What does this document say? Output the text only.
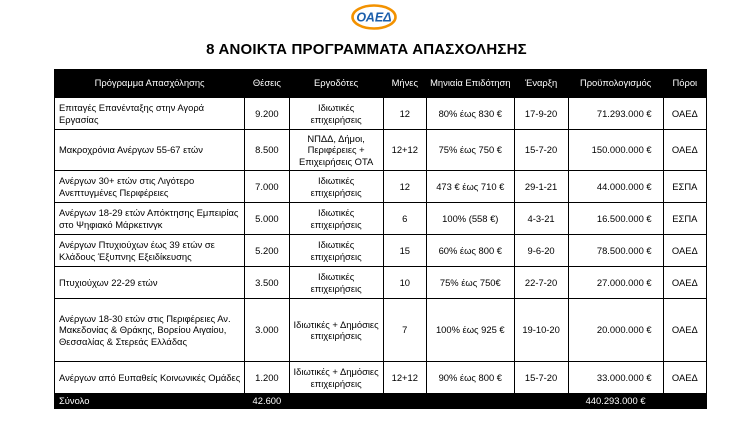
ΟΑΕΔ
8 ΑΝΟΙΚΤΑ ΠΡΟΓΡΑΜΜΑΤΑ ΑΠΑΣΧΟΛΗΣΗΣ
Πρόγραμμα Απασχόλησης	Θέσεις	Εργοδότες	Μήνες	Μηνιαία Επιδότηση	Έναρξη	Προϋπολογισμός	Πόροι
Επιταγές Επανένταξης στην Αγορά Εργασίας	9.200	Ιδιωτικές επιχειρήσεις	12	80% έως 830 €	17-9-20	71.293.000 €	ΟΑΕΔ
Μακροχρόνια Ανέργων 55-67 ετών	8.500	ΝΠΔΔ, Δήμοι, Περιφέρειες + Επιχειρήσεις ΟΤΑ	12+12	75% έως 750 €	15-7-20	150.000.000 €	ΟΑΕΔ
Ανέργων 30+ ετών στις Λιγότερο Ανεπτυγμένες Περιφέρειες	7.000	Ιδιωτικές επιχειρήσεις	12	473 € έως 710 €	29-1-21	44.000.000 €	ΕΣΠΑ
Ανέργων 18-29 ετών Απόκτησης Εμπειρίας στο Ψηφιακό Μάρκετινγκ	5.000	Ιδιωτικές επιχειρήσεις	6	100% (558 €)	4-3-21	16.500.000 €	ΕΣΠΑ
Ανέργων Πτυχιούχων έως 39 ετών σε Κλάδους Έξυπνης Εξειδίκευσης	5.200	Ιδιωτικές επιχειρήσεις	15	60% έως 800 €	9-6-20	78.500.000 €	ΟΑΕΔ
Πτυχιούχων 22-29 ετών	3.500	Ιδιωτικές επιχειρήσεις	10	75% έως 750€	22-7-20	27.000.000 €	ΟΑΕΔ
Ανέργων 18-30 ετών στις Περιφέρειες Αν. Μακεδονίας & Θράκης, Βορείου Αιγαίου, Θεσσαλίας & Στερεάς Ελλάδας	3.000	Ιδιωτικές + Δημόσιες επιχειρήσεις	7	100% έως 925 €	19-10-20	20.000.000 €	ΟΑΕΔ
Ανέργων από Ευπαθείς Κοινωνικές Ομάδες	1.200	Ιδιωτικές + Δημόσιες επιχειρήσεις	12+12	90% έως 800 €	15-7-20	33.000.000 €	ΟΑΕΔ
Σύνολο	42.600					440.293.000 €	
